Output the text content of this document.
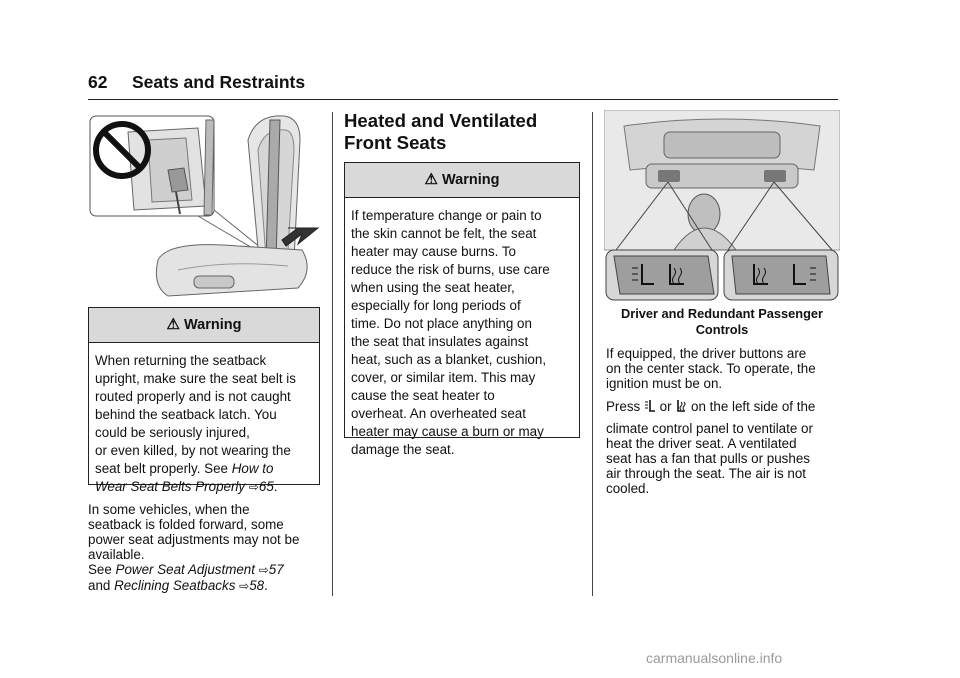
62 Seats and Restraints
⚠ Warning

When returning the seatback

upright, make sure the seat belt is

routed properly and is not caught

behind the seatback latch. You

could be seriously injured,

or even killed, by not wearing the

seat belt properly. See How to

Wear Seat Belts Properly ⇨65.

In some vehicles, when the
seatback is folded forward, some
power seat adjustments may not be
available.
See Power Seat Adjustment ⇨57
and Reclining Seatbacks ⇨58.
Heated and Ventilated
Front Seats
⚠ Warning

If temperature change or pain to

the skin cannot be felt, the seat

heater may cause burns. To

reduce the risk of burns, use care

when using the seat heater,

especially for long periods of

time. Do not place anything on

the seat that insulates against

heat, such as a blanket, cushion,

cover, or similar item. This may

cause the seat heater to

overheat. An overheated seat

heater may cause a burn or may

damage the seat.

Driver and Redundant Passenger
Controls
If equipped, the driver buttons are
on the center stack. To operate, the
ignition must be on.
Press  or  on the left side of the
climate control panel to ventilate or
heat the driver seat. A ventilated
seat has a fan that pulls or pushes
air through the seat. The air is not
cooled.
carmanualsonline.info
